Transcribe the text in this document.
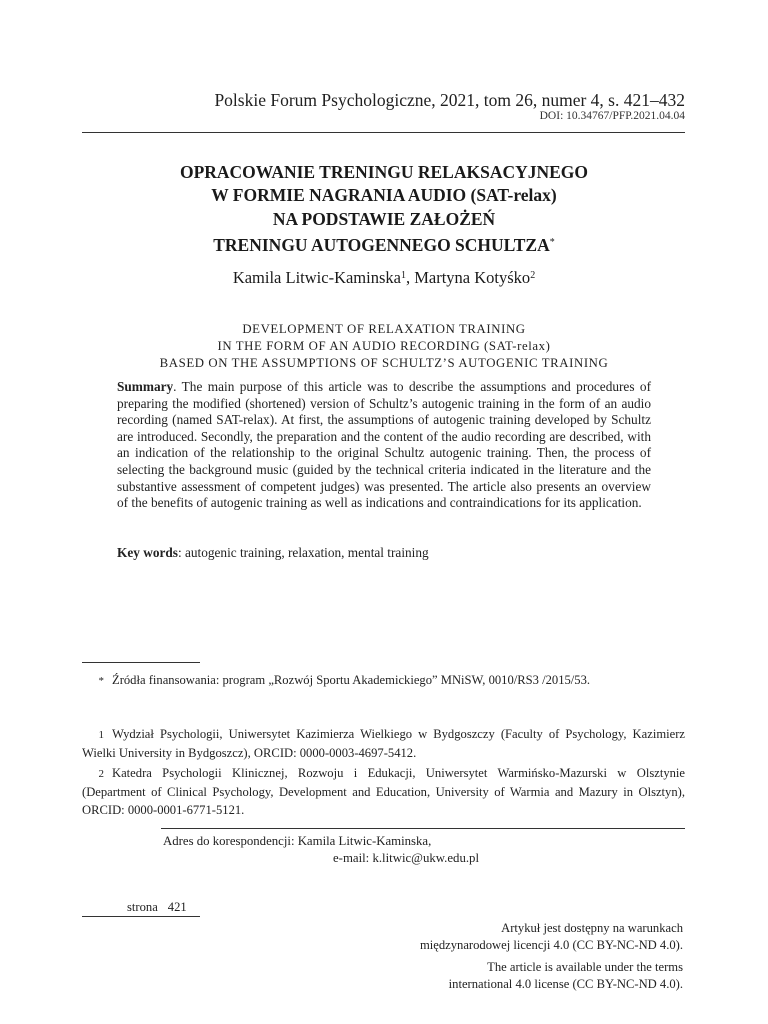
Polskie Forum Psychologiczne, 2021, tom 26, numer 4, s. 421–432
DOI: 10.34767/PFP.2021.04.04
OPRACOWANIE TRENINGU RELAKSACYJNEGO
W FORMIE NAGRANIA AUDIO (SAT-relax)
NA PODSTAWIE ZAŁOŻEŃ
TRENINGU AUTOGENNEGO SCHULTZA*
Kamila Litwic-Kaminska$^1$, Martyna Kotyśko$^2$
DEVELOPMENT OF RELAXATION TRAINING
IN THE FORM OF AN AUDIO RECORDING (SAT-relax)
BASED ON THE ASSUMPTIONS OF SCHULTZ’S AUTOGENIC TRAINING
Summary. The main purpose of this article was to describe the assumptions and procedures of preparing the modified (shortened) version of Schultz’s autogenic training in the form of an audio recording (named SAT-relax). At first, the assumptions of autogenic training developed by Schultz are introduced. Secondly, the preparation and the content of the audio recording are described, with an indication of the relationship to the original Schultz autogenic training. Then, the process of selecting the background music (guided by the technical criteria indicated in the literature and the substantive assessment of competent judges) was presented. The article also presents an overview of the benefits of autogenic training as well as indications and contraindications for its application.
Key words: autogenic training, relaxation, mental training
* Źródła finansowania: program „Rozwój Sportu Akademickiego” MNiSW, 0010/RS3 /2015/53.
1 Wydział Psychologii, Uniwersytet Kazimierza Wielkiego w Bydgoszczy (Faculty of Psychology, Kazimierz Wielki University in Bydgoszcz), ORCID: 0000-0003-4697-5412.
2 Katedra Psychologii Klinicznej, Rozwoju i Edukacji, Uniwersytet Warmińsko-Mazurski w Olsztynie (Department of Clinical Psychology, Development and Education, University of Warmia and Mazury in Olsztyn), ORCID: 0000-0001-6771-5121.
Adres do korespondencji: Kamila Litwic-Kaminska,
e-mail: k.litwic@ukw.edu.pl
strona 421
Artykuł jest dostępny na warunkach
międzynarodowej licencji 4.0 (CC BY-NC-ND 4.0).
The article is available under the terms
international 4.0 license (CC BY-NC-ND 4.0).
